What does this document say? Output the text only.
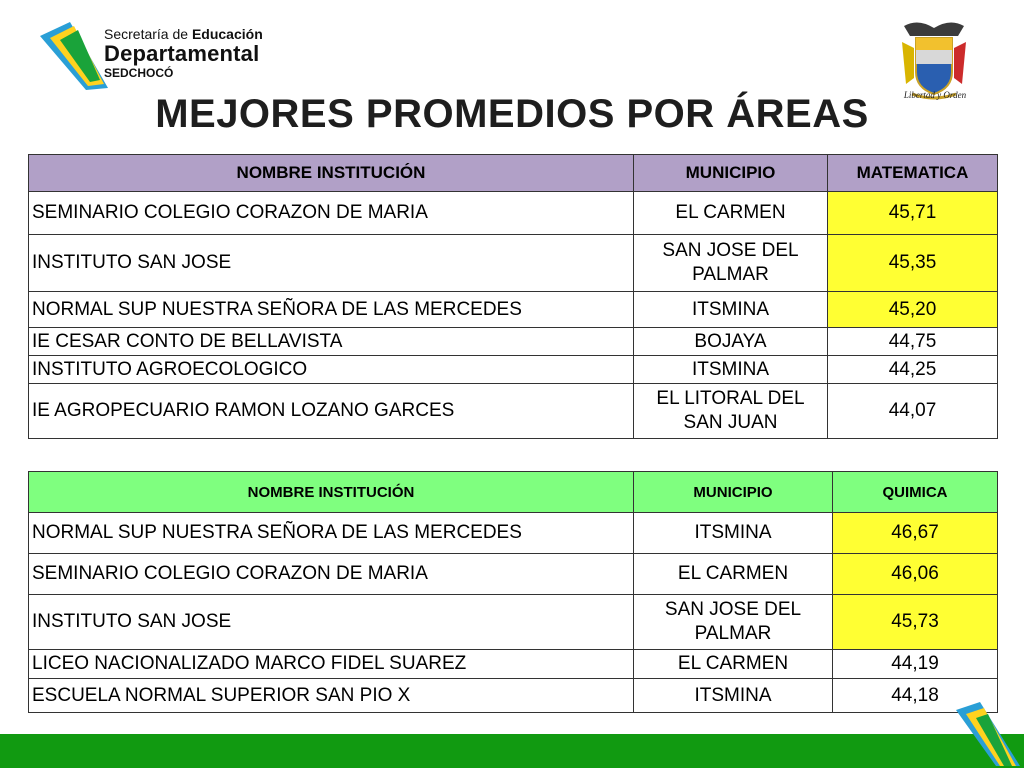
Secretaría de Educación
Departamental
SEDCHOCÓ
Libertad y Orden
MEJORES PROMEDIOS POR ÁREAS
NOMBRE INSTITUCIÓN	MUNICIPIO	MATEMATICA
SEMINARIO COLEGIO CORAZON DE MARIA	EL CARMEN	45,71
INSTITUTO SAN JOSE	SAN JOSE DEL PALMAR	45,35
NORMAL SUP NUESTRA SEÑORA DE LAS MERCEDES	ITSMINA	45,20
IE CESAR CONTO DE BELLAVISTA	BOJAYA	44,75
INSTITUTO AGROECOLOGICO	ITSMINA	44,25
IE AGROPECUARIO RAMON LOZANO GARCES	EL LITORAL DEL SAN JUAN	44,07
NOMBRE INSTITUCIÓN	MUNICIPIO	QUIMICA
NORMAL SUP NUESTRA SEÑORA DE LAS MERCEDES	ITSMINA	46,67
SEMINARIO COLEGIO CORAZON DE MARIA	EL CARMEN	46,06
INSTITUTO SAN JOSE	SAN JOSE DEL PALMAR	45,73
LICEO NACIONALIZADO MARCO FIDEL SUAREZ	EL CARMEN	44,19
ESCUELA NORMAL SUPERIOR SAN PIO X	ITSMINA	44,18
